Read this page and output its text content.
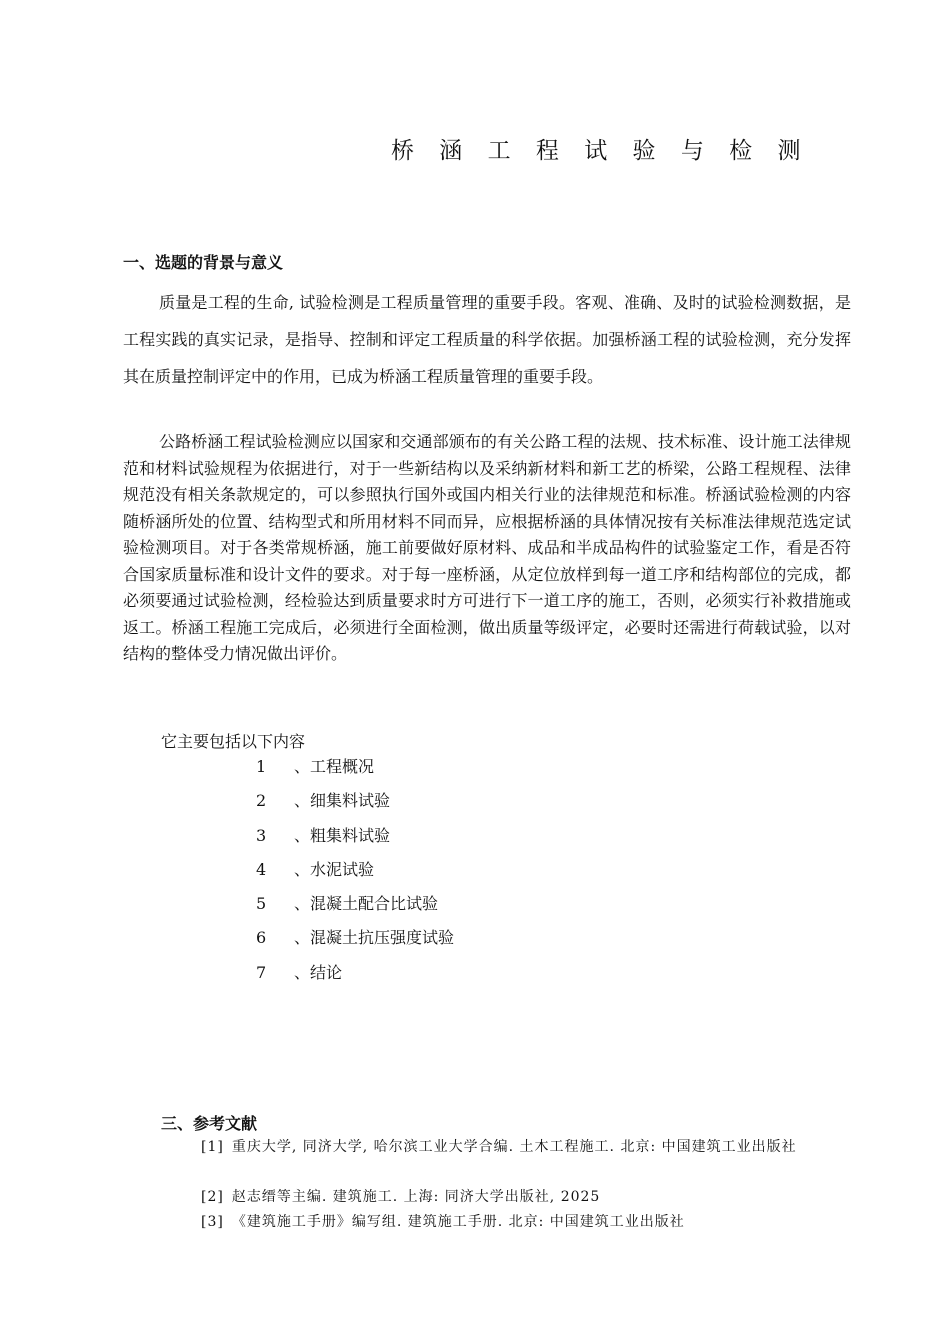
桥 涵 工 程 试 验 与 检 测
一、选题的背景与意义

质量是工程的生命, 试验检测是工程质量管理的重要手段。客观、准确、及时的试验检测数据，是工程实践的真实记录，是指导、控制和评定工程质量的科学依据。加强桥涵工程的试验检测，充分发挥其在质量控制评定中的作用，已成为桥涵工程质量管理的重要手段。

公路桥涵工程试验检测应以国家和交通部颁布的有关公路工程的法规、技术标准、设计施工法律规范和材料试验规程为依据进行，对于一些新结构以及采纳新材料和新工艺的桥梁，公路工程规程、法律规范没有相关条款规定的，可以参照执行国外或国内相关行业的法律规范和标准。桥涵试验检测的内容随桥涵所处的位置、结构型式和所用材料不同而异，应根据桥涵的具体情况按有关标准法律规范选定试验检测项目。对于各类常规桥涵，施工前要做好原材料、成品和半成品构件的试验鉴定工作，看是否符合国家质量标准和设计文件的要求。对于每一座桥涵，从定位放样到每一道工序和结构部位的完成，都必须要通过试验检测，经检验达到质量要求时方可进行下一道工序的施工，否则，必须实行补救措施或返工。桥涵工程施工完成后，必须进行全面检测，做出质量等级评定，必要时还需进行荷载试验，以对结构的整体受力情况做出评价。

它主要包括以下内容
1 、工程概况
2 、细集料试验
3 、粗集料试验
4 、水泥试验
5 、混凝土配合比试验
6 、混凝土抗压强度试验
7 、结论
三、参考文献

[1] 重庆大学, 同济大学, 哈尔滨工业大学合编. 土木工程施工. 北京: 中国建筑工业出版社

[2] 赵志缙等主编. 建筑施工. 上海: 同济大学出版社, 2025

[3] 《建筑施工手册》编写组. 建筑施工手册. 北京: 中国建筑工业出版社
